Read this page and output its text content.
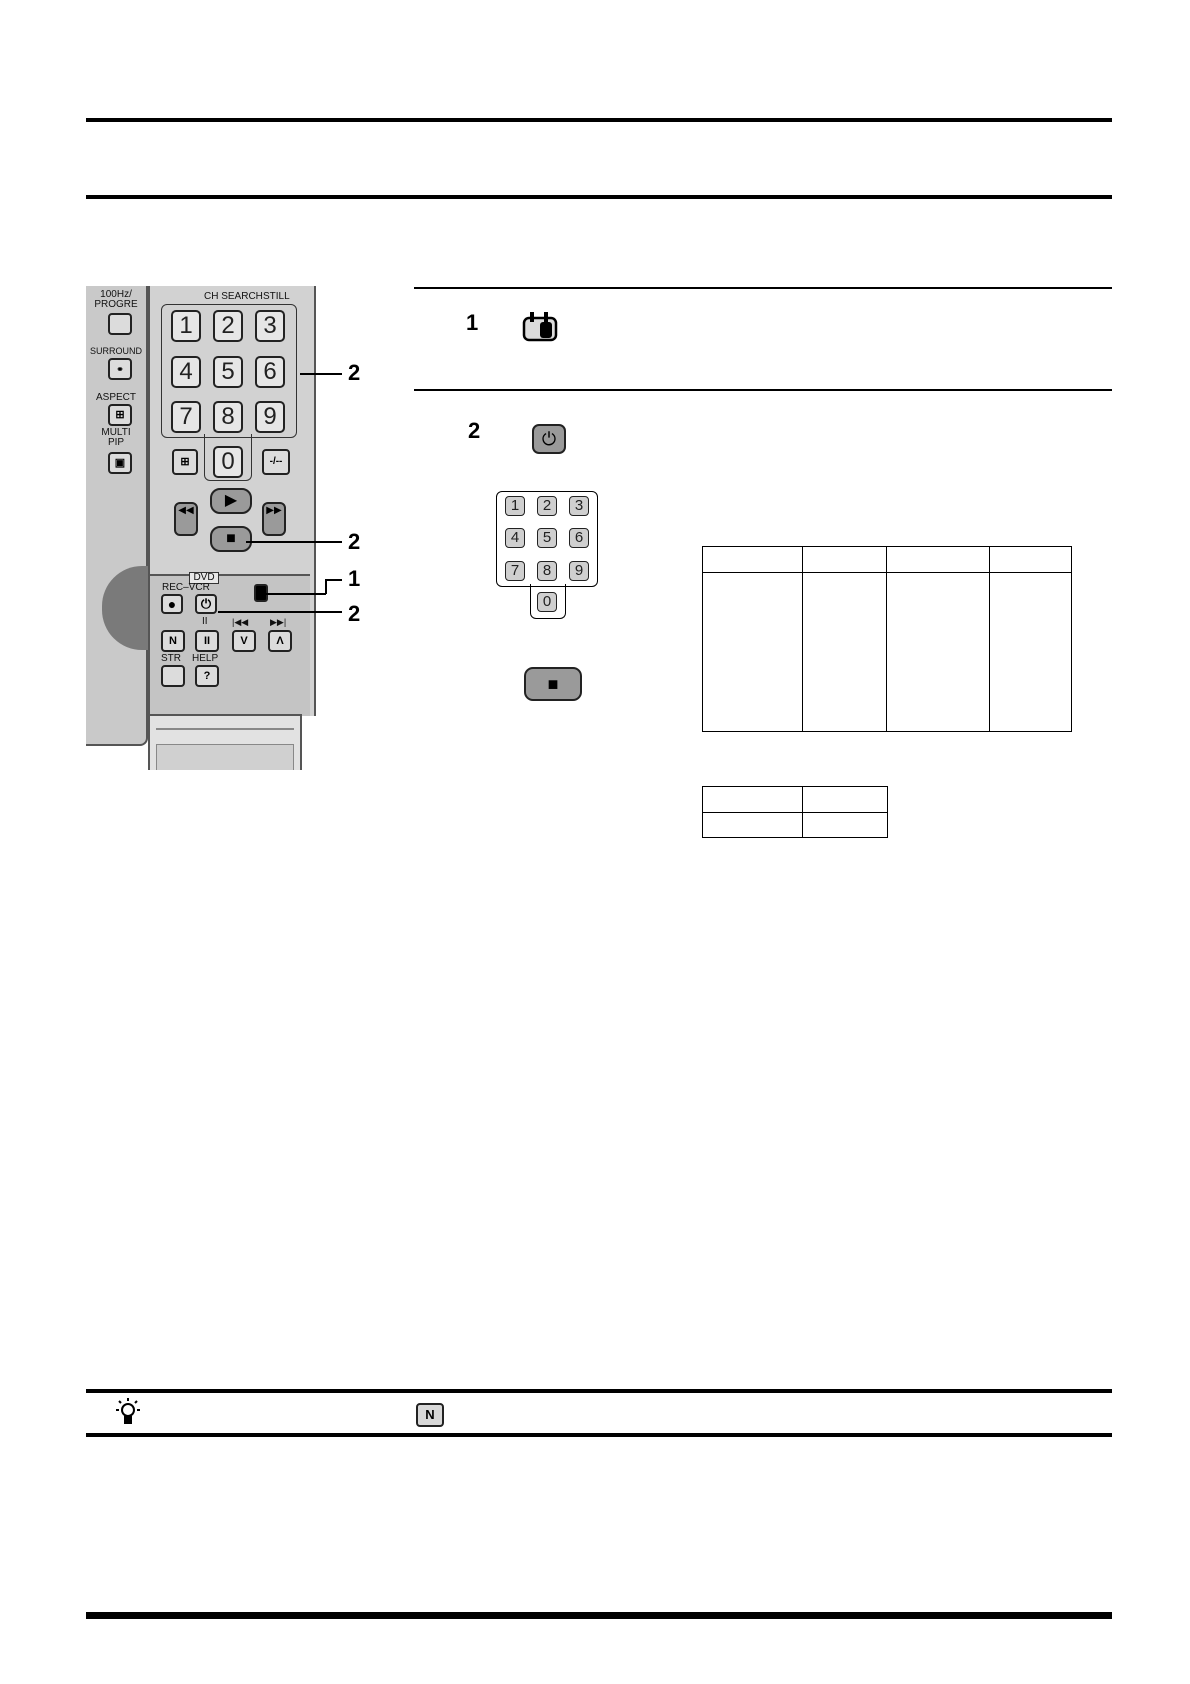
100Hz/
PROGRE
SURROUND
⚭
ASPECT
⊞
MULTI
PIP
▣
CH SEARCH STILL
1	2	3
4	5	6
7	8	9
0
⊞	-/--
▶
◀◀	▶▶
■
DVD
REC–VCR
●	⏻
II	|◀◀ ▶▶|
N	II	V	Λ
STR HELP
?
2
2
1
2
1
2	⏻
1	2	3
4	5	6
7	8	9
0
■

N
